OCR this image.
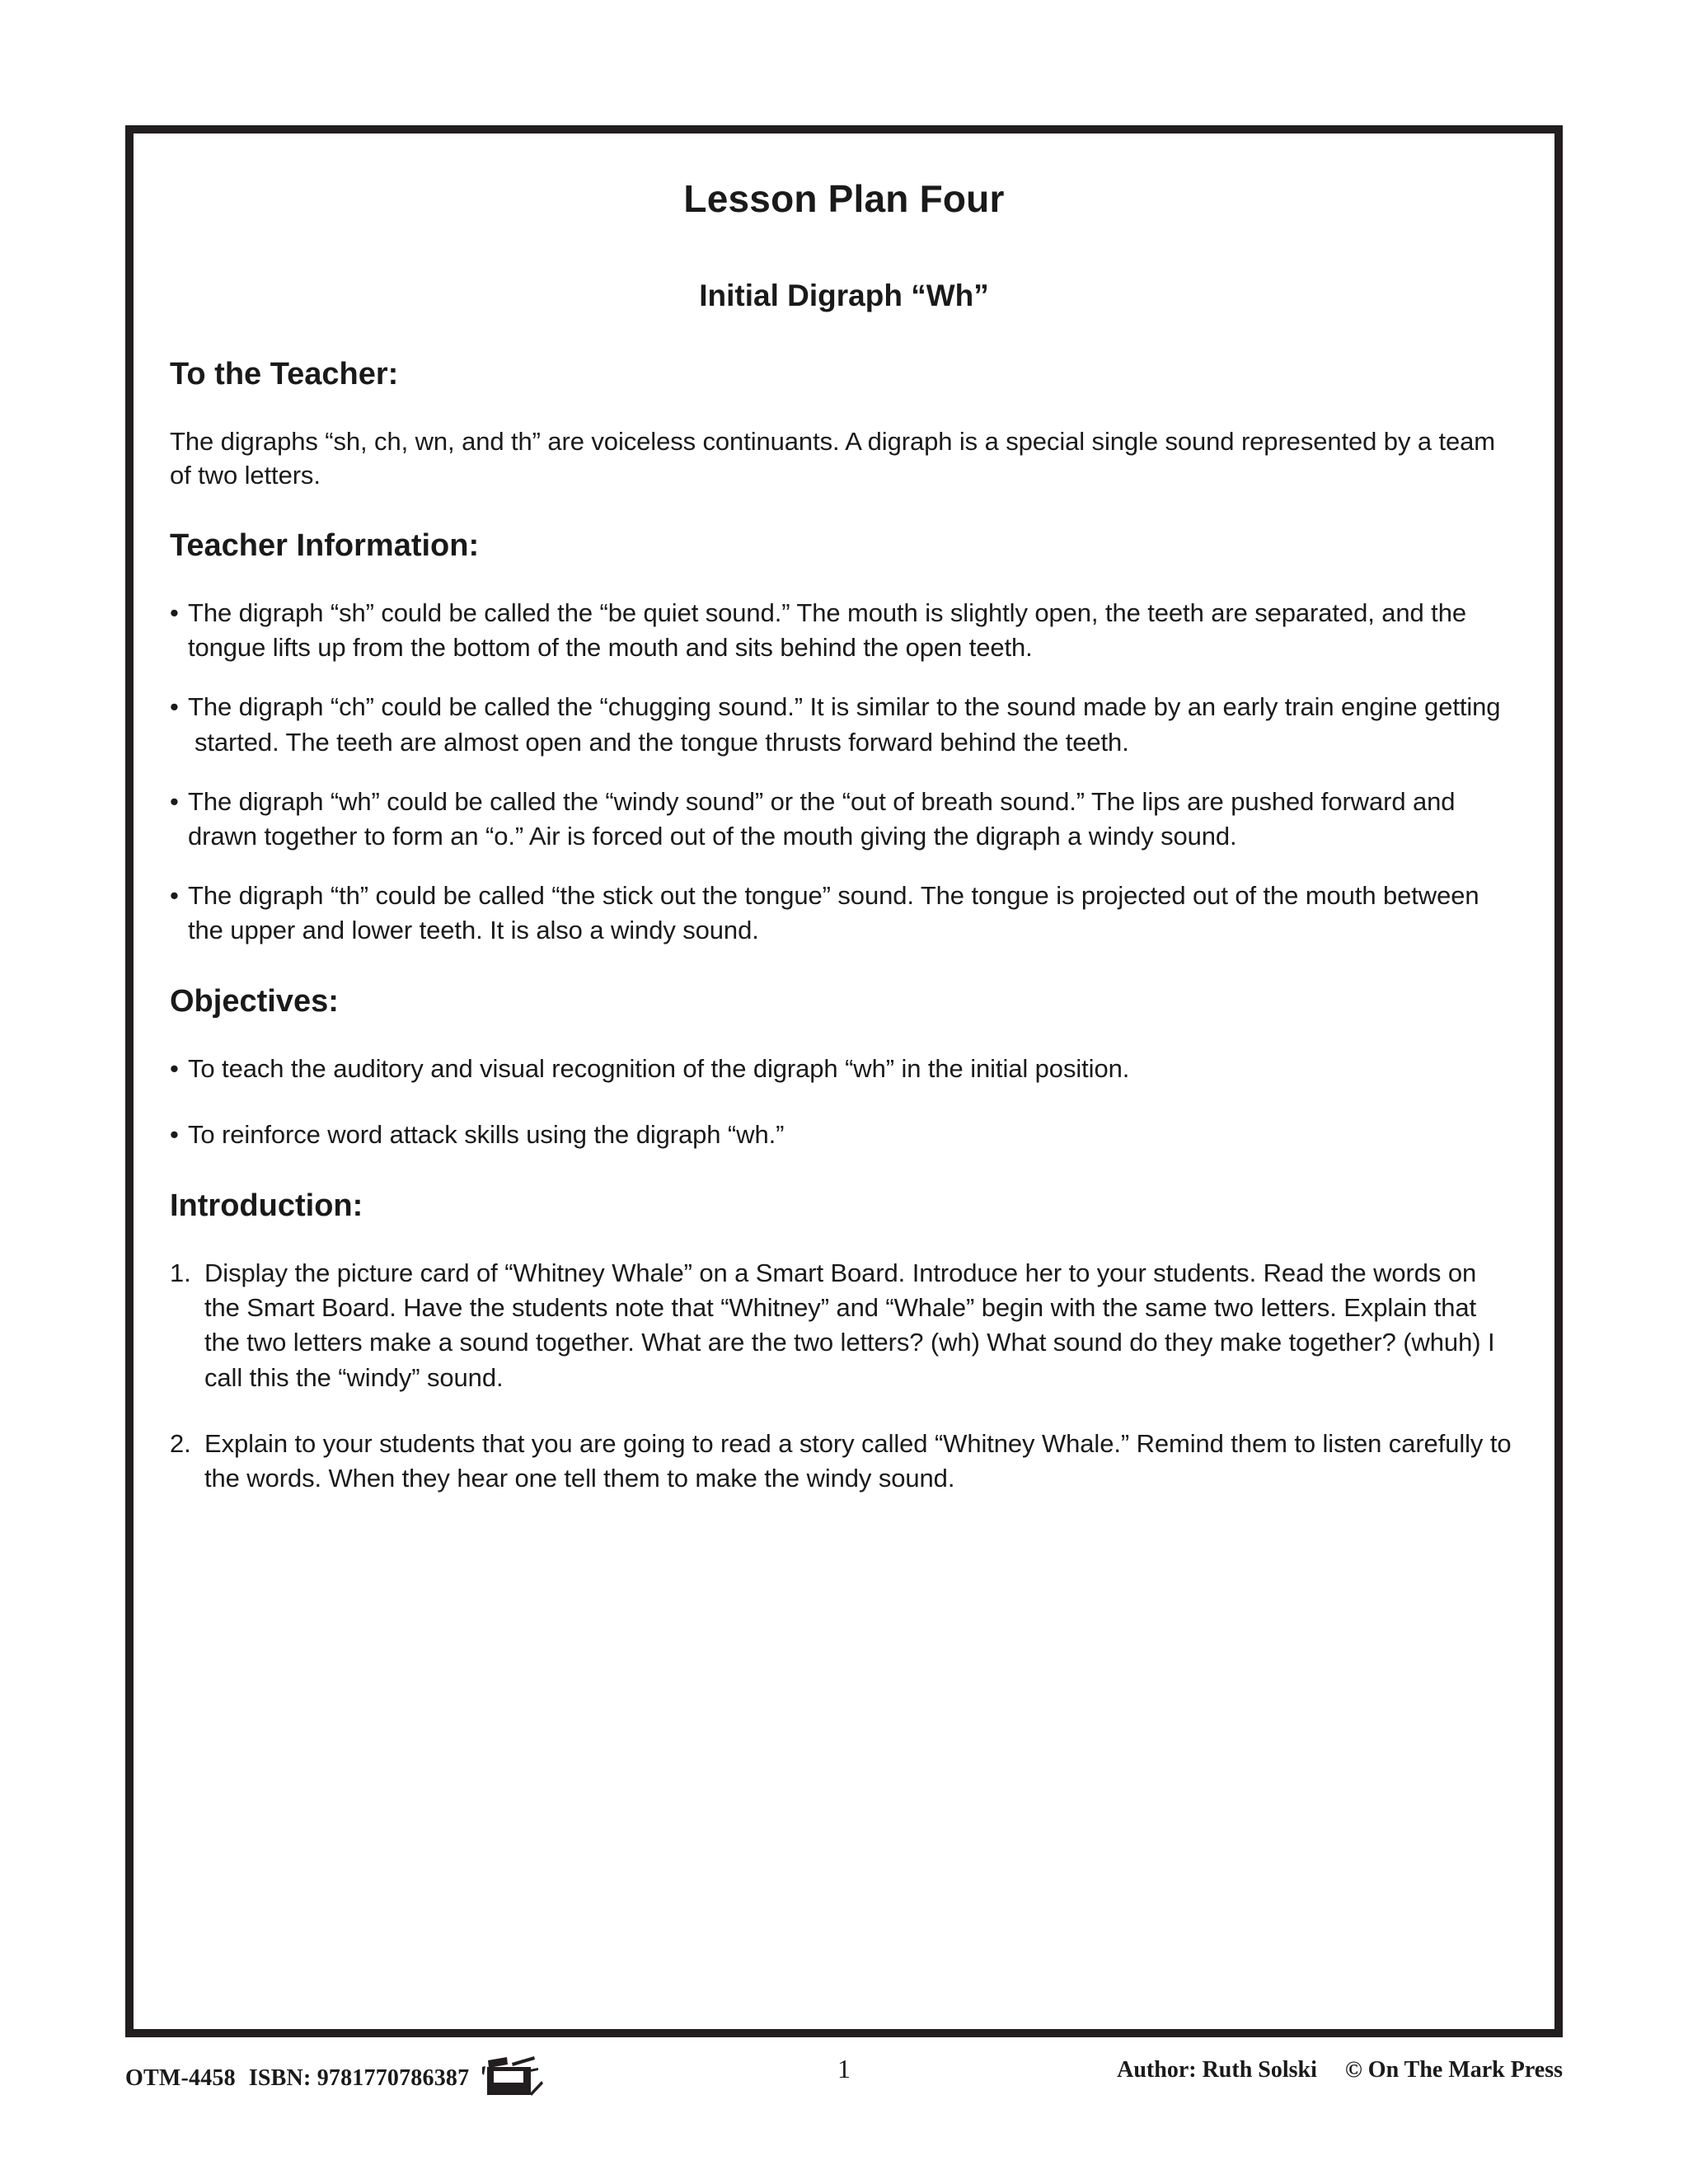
Lesson Plan Four
Initial Digraph “Wh”
To the Teacher:

The digraphs “sh, ch, wn, and th” are voiceless continuants. A digraph is a special single sound represented by a team of two letters.

Teacher Information:
• The digraph “sh” could be called the “be quiet sound.” The mouth is slightly open, the teeth are separated, and the tongue lifts up from the bottom of the mouth and sits behind the open teeth.
• The digraph “ch” could be called the “chugging sound.” It is similar to the sound made by an early train engine getting started. The teeth are almost open and the tongue thrusts forward behind the teeth.
• The digraph “wh” could be called the “windy sound” or the “out of breath sound.” The lips are pushed forward and drawn together to form an “o.” Air is forced out of the mouth giving the digraph a windy sound.
• The digraph “th” could be called “the stick out the tongue” sound. The tongue is projected out of the mouth between the upper and lower teeth. It is also a windy sound.
Objectives:
• To teach the auditory and visual recognition of the digraph “wh” in the initial position.
• To reinforce word attack skills using the digraph “wh.”
Introduction:
1. Display the picture card of “Whitney Whale” on a Smart Board. Introduce her to your students. Read the words on the Smart Board. Have the students note that “Whitney” and “Whale” begin with the same two letters. Explain that the two letters make a sound together. What are the two letters? (wh) What sound do they make together? (whuh) I call this the “windy” sound.
2. Explain to your students that you are going to read a story called “Whitney Whale.” Remind them to listen carefully to the words. When they hear one tell them to make the windy sound.
OTM-4458 ISBN: 9781770786387	1	Author: Ruth Solski © On The Mark Press
